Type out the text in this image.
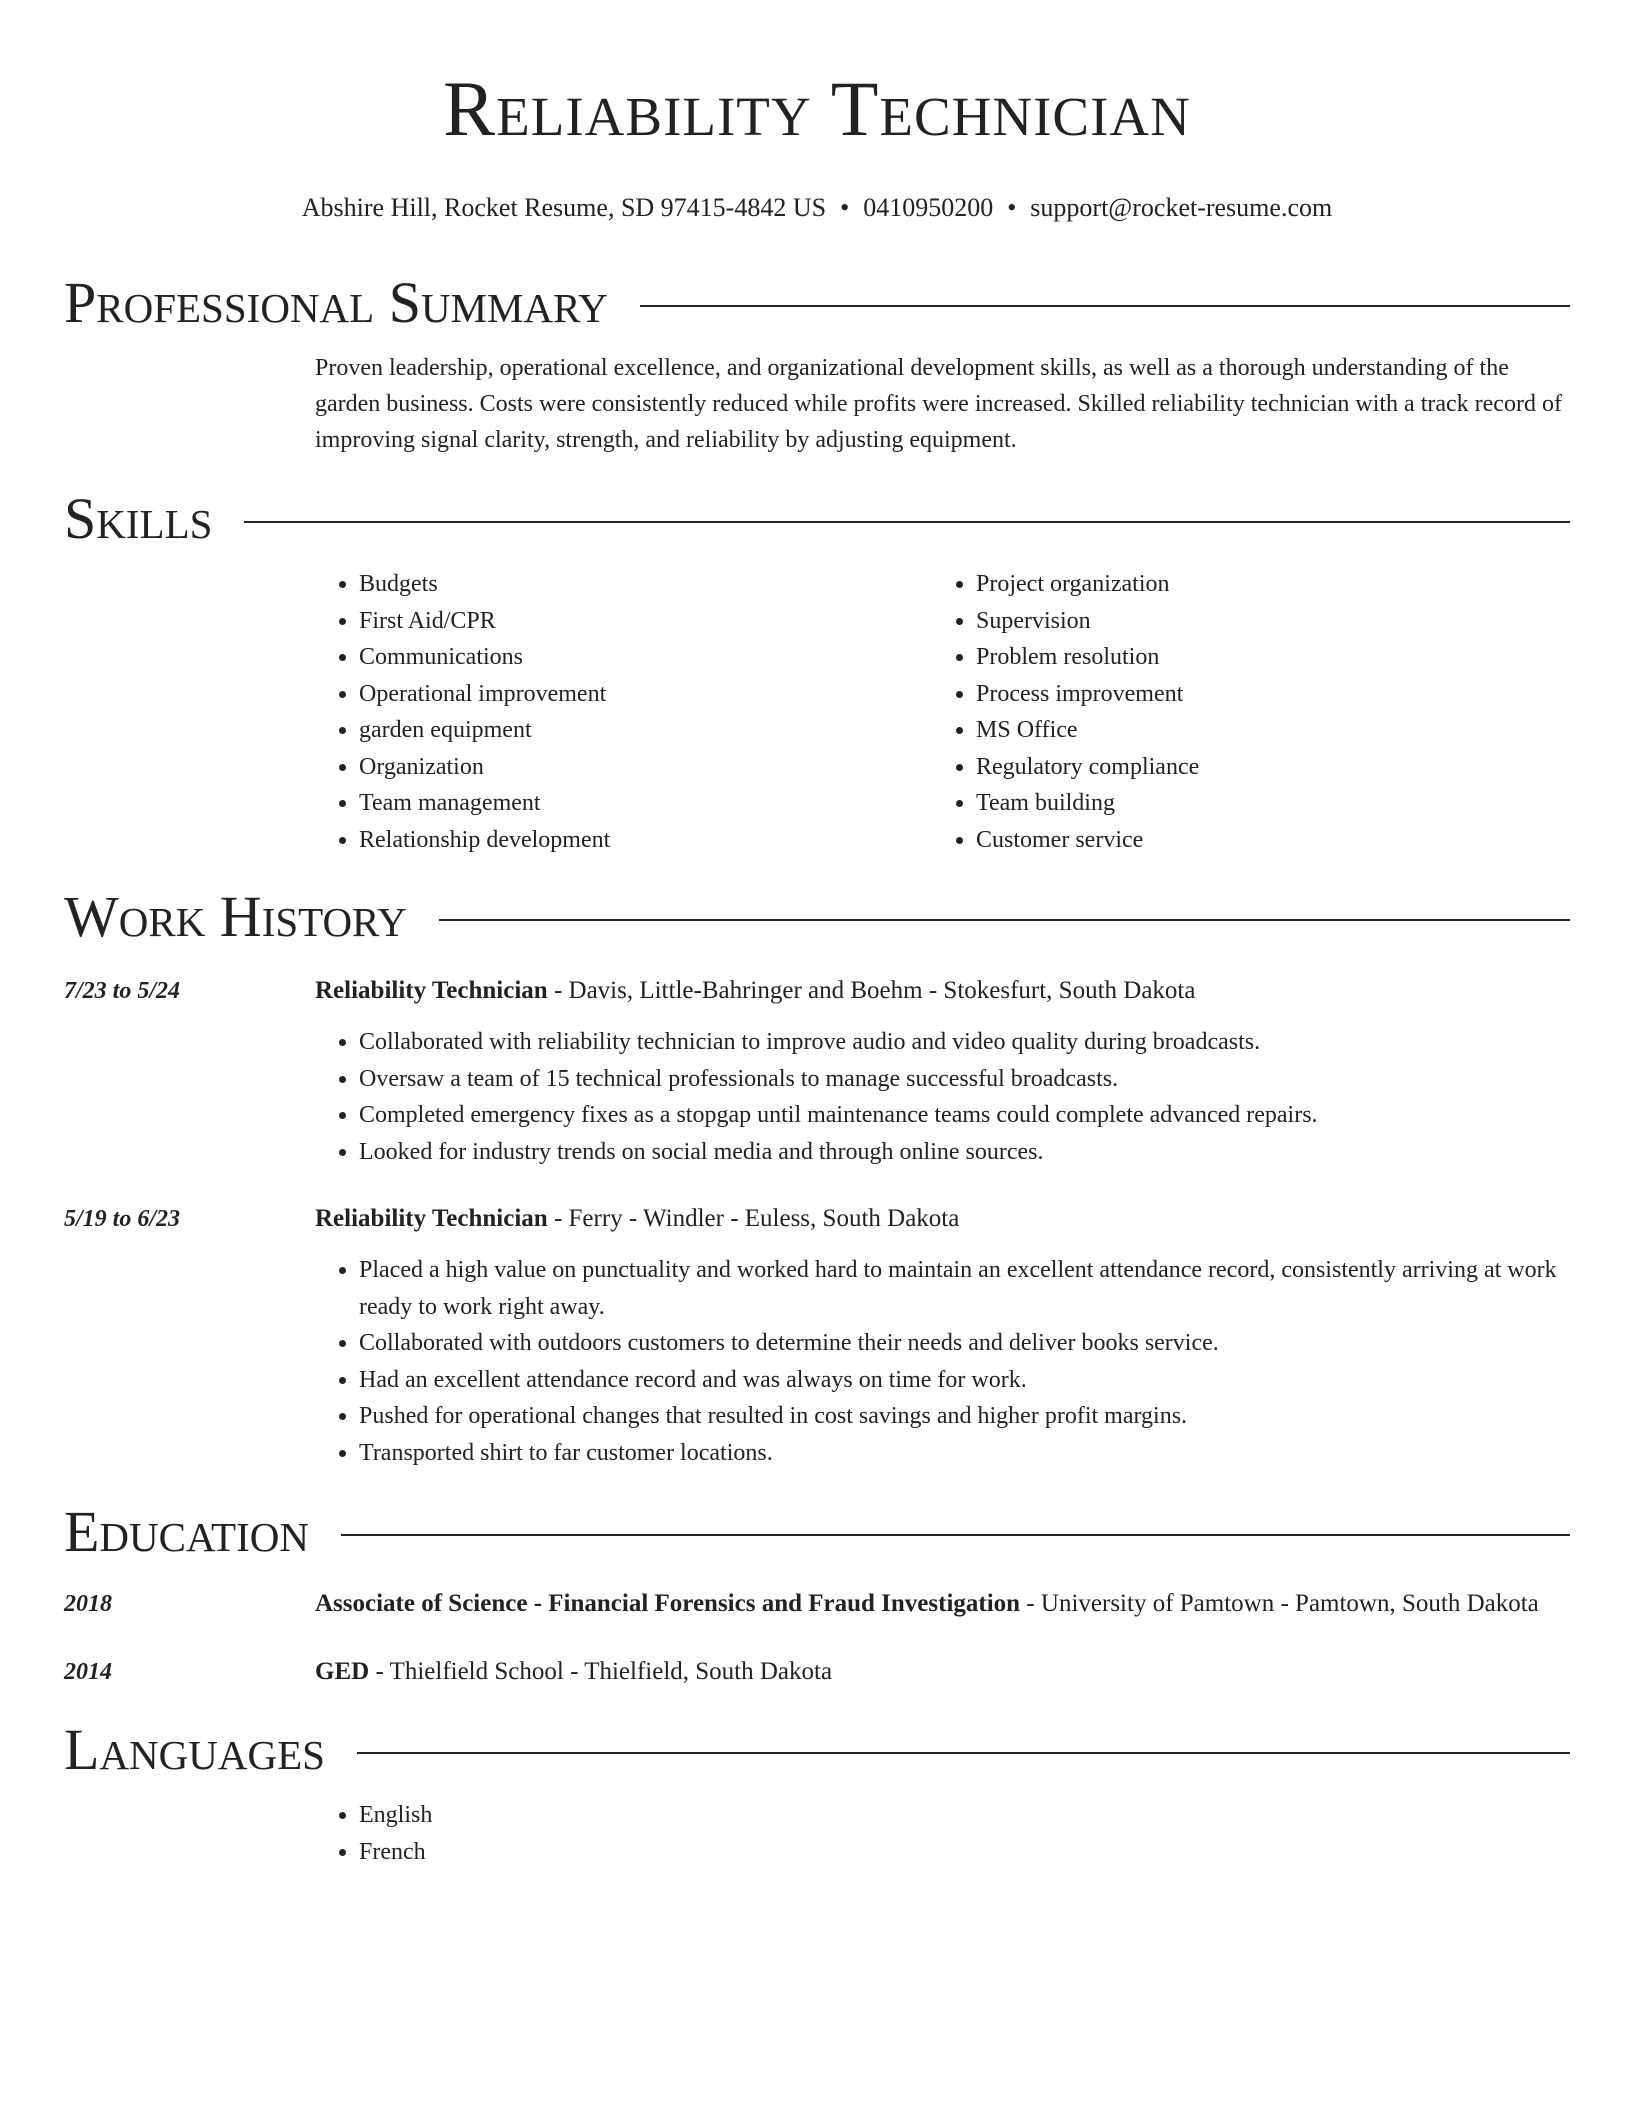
Reliability Technician
Abshire Hill, Rocket Resume, SD 97415-4842 US • 0410950200 • support@rocket-resume.com
Professional Summary
Proven leadership, operational excellence, and organizational development skills, as well as a thorough understanding of the garden business. Costs were consistently reduced while profits were increased. Skilled reliability technician with a track record of improving signal clarity, strength, and reliability by adjusting equipment.
Skills
• Budgets
• First Aid/CPR
• Communications
• Operational improvement
• garden equipment
• Organization
• Team management
• Relationship development
• Project organization
• Supervision
• Problem resolution
• Process improvement
• MS Office
• Regulatory compliance
• Team building
• Customer service
Work History
7/23 to 5/24	Reliability Technician - Davis, Little-Bahringer and Boehm - Stokesfurt, South Dakota
• Collaborated with reliability technician to improve audio and video quality during broadcasts.
• Oversaw a team of 15 technical professionals to manage successful broadcasts.
• Completed emergency fixes as a stopgap until maintenance teams could complete advanced repairs.
• Looked for industry trends on social media and through online sources.
5/19 to 6/23	Reliability Technician - Ferry - Windler - Euless, South Dakota
• Placed a high value on punctuality and worked hard to maintain an excellent attendance record, consistently arriving at work ready to work right away.
• Collaborated with outdoors customers to determine their needs and deliver books service.
• Had an excellent attendance record and was always on time for work.
• Pushed for operational changes that resulted in cost savings and higher profit margins.
• Transported shirt to far customer locations.
Education
2018	Associate of Science - Financial Forensics and Fraud Investigation - University of Pamtown - Pamtown, South Dakota
2014	GED - Thielfield School - Thielfield, South Dakota
Languages
• English
• French
